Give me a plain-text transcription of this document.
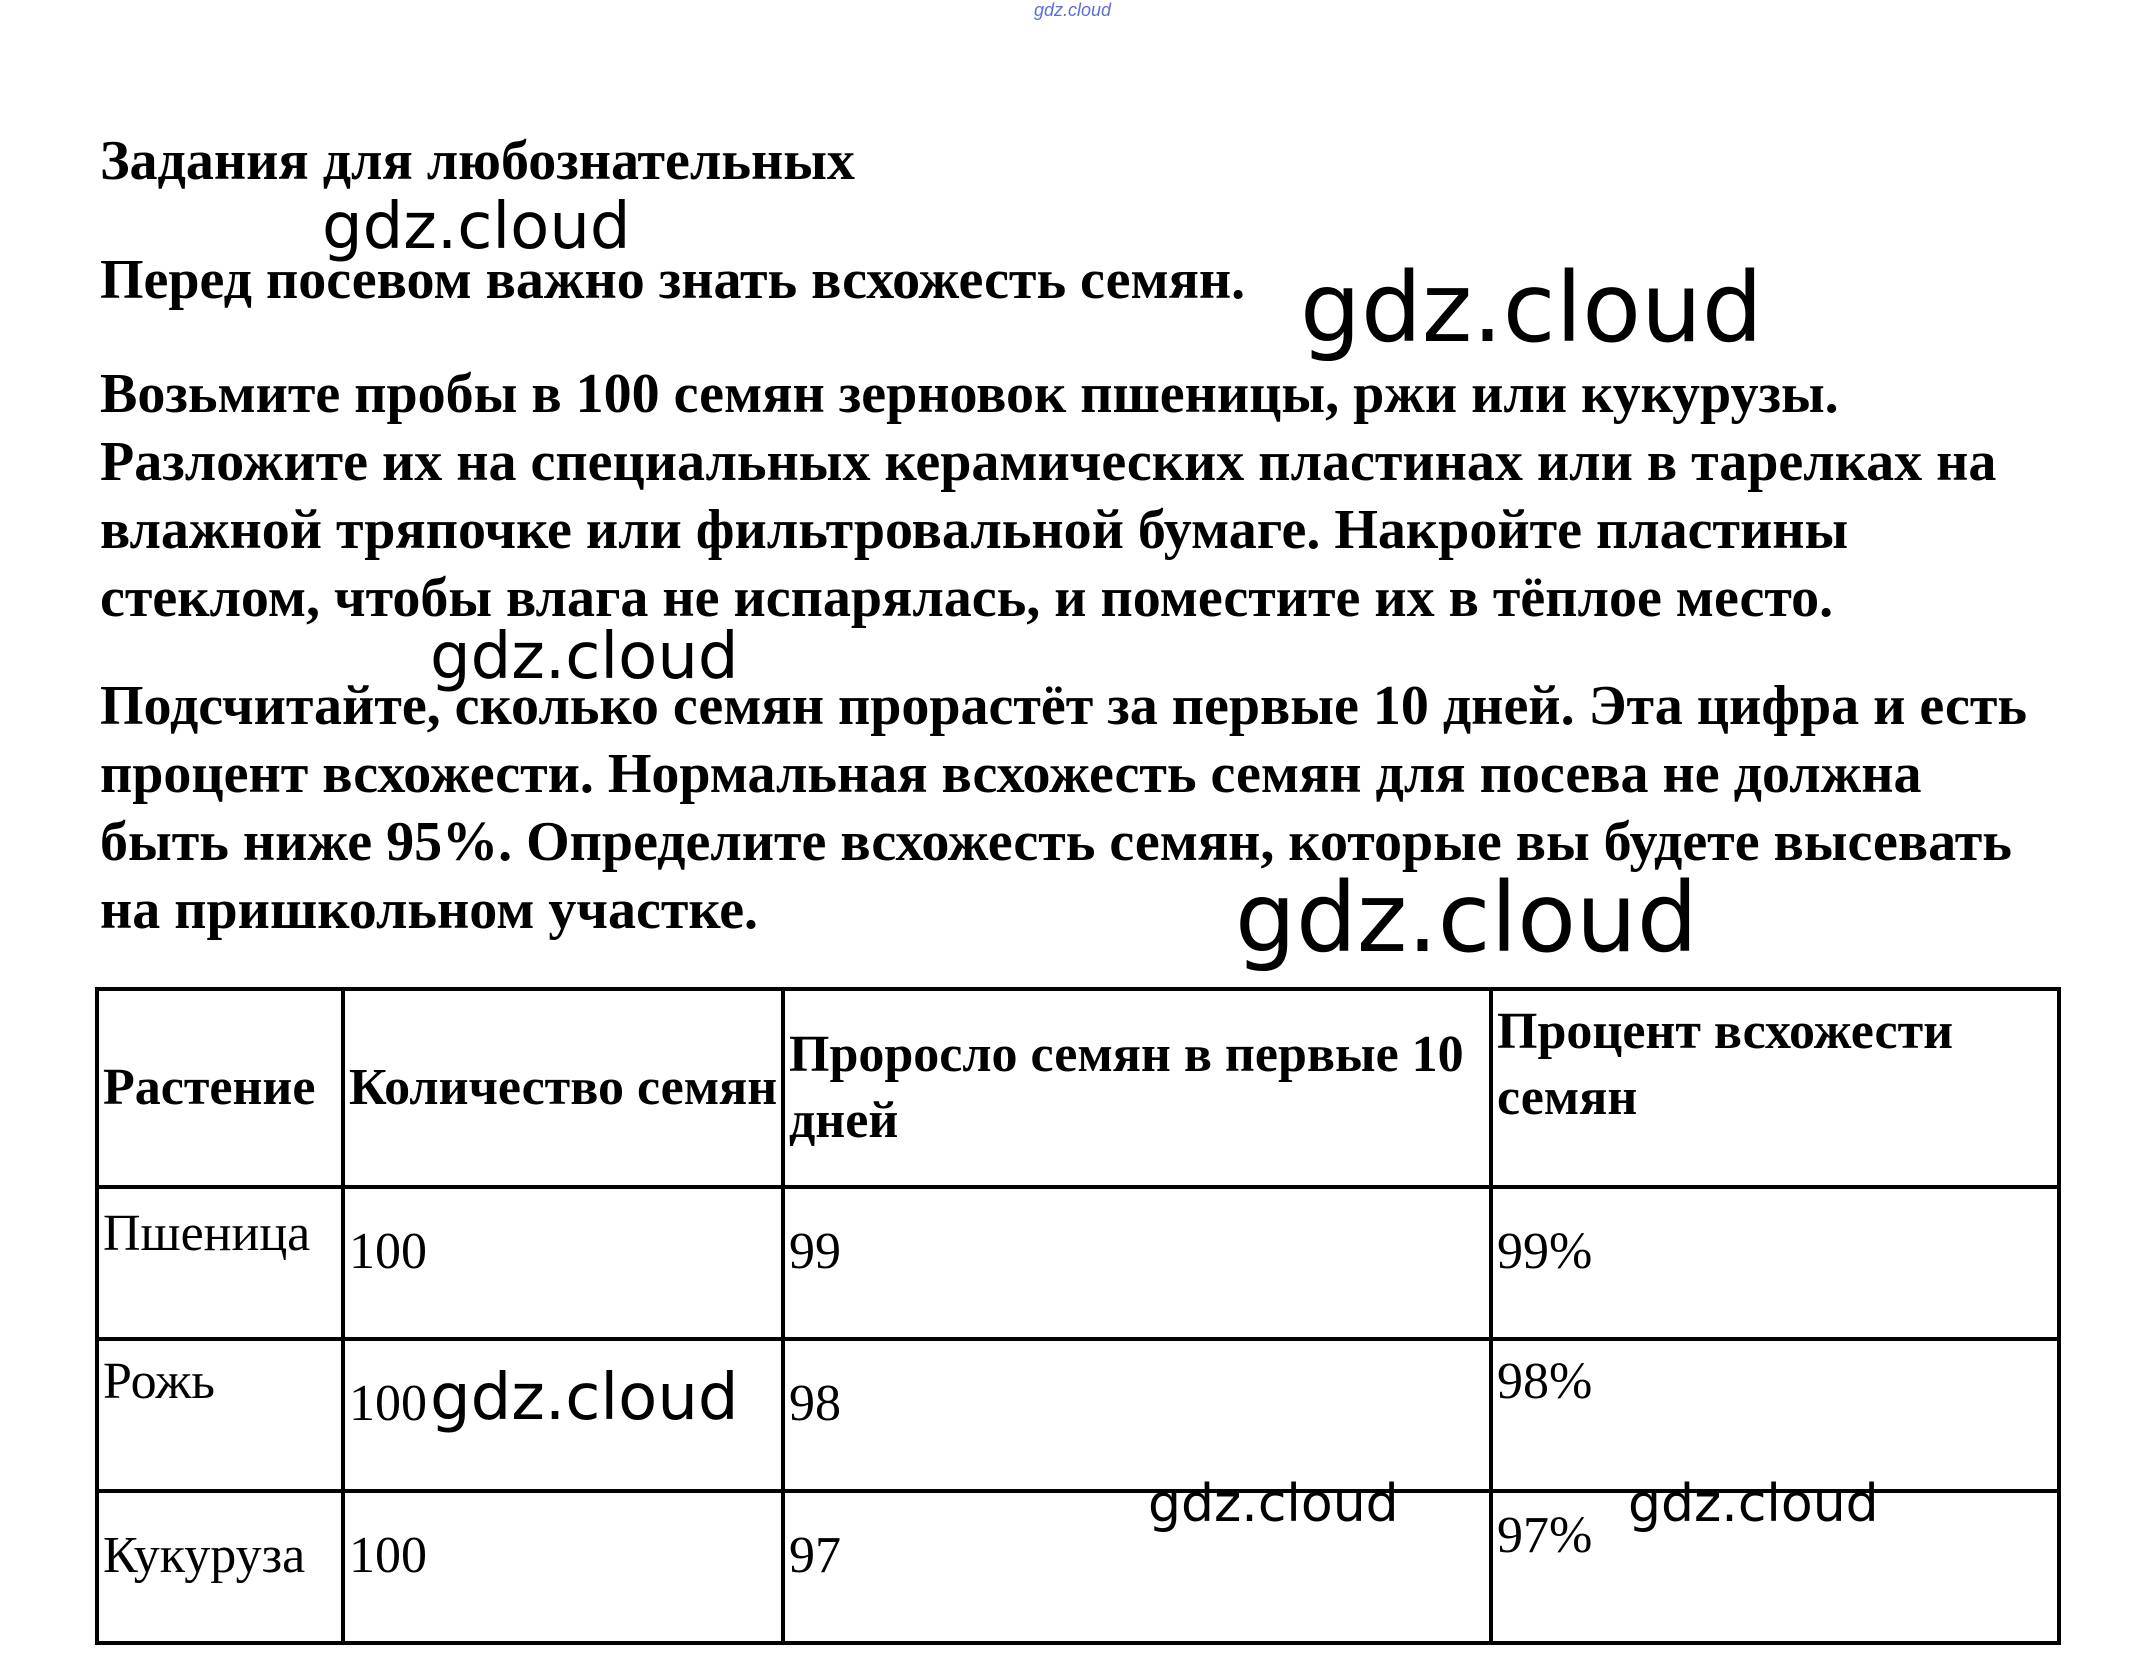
gdz.cloud
Задания для любознательных

Перед посевом важно знать всхожесть семян.

Возьмите пробы в 100 семян зерновок пшеницы, ржи или кукурузы. Разложите их на специальных керамических пластинах или в тарелках на влажной тряпочке или фильтровальной бумаге. Накройте пластины стеклом, чтобы влага не испарялась, и поместите их в тёплое место.

Подсчитайте, сколько семян прорастёт за первые 10 дней. Эта цифра и есть процент всхожести. Нормальная всхожесть семян для посева не должна быть ниже 95%. Определите всхожесть семян, которые вы будете высевать на пришкольном участке.

Растение	Количество семян	Проросло семян в первые 10 дней	Процент всхожести семян
Пшеница	100	99	99%
Рожь	100	98	98%
Кукуруза	100	97	97%
gdz.cloud
gdz.cloud
gdz.cloud
gdz.cloud
gdz.cloud
gdz.cloud	gdz.cloud
